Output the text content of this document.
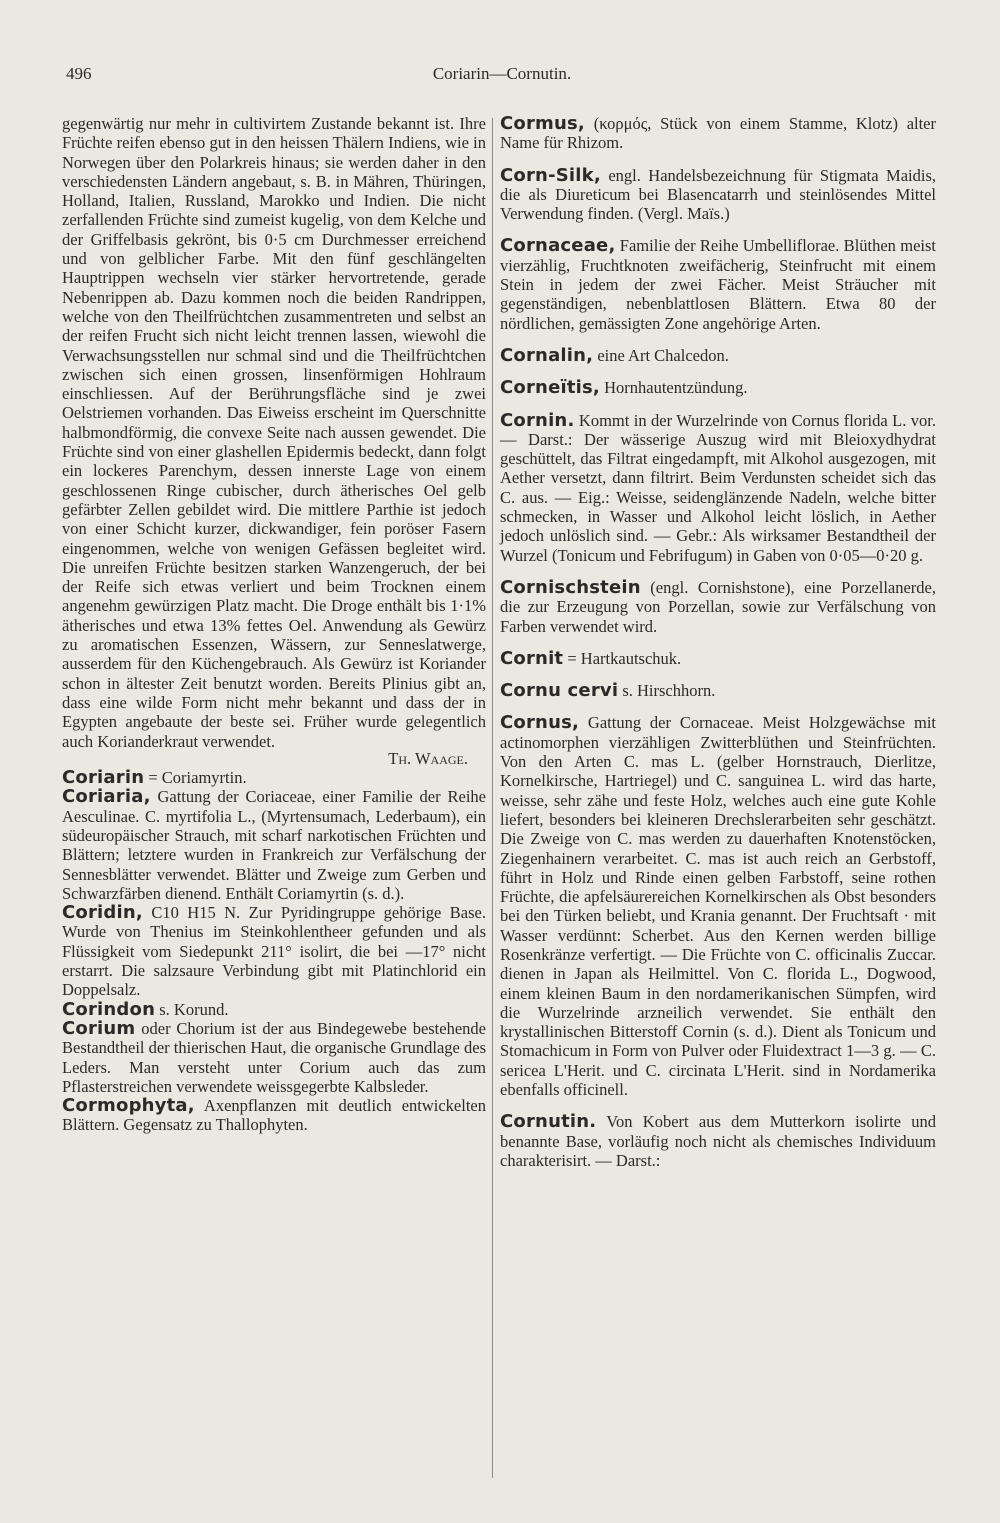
496	Coriarin—Cornutin.

gegenwärtig nur mehr in cultivirtem Zustande bekannt ist. Ihre Früchte reifen ebenso gut in den heissen Thälern Indiens, wie in Norwegen über den Polarkreis hinaus; sie werden daher in den verschiedensten Ländern angebaut, s. B. in Mähren, Thüringen, Holland, Italien, Russland, Marokko und Indien. Die nicht zerfallenden Früchte sind zumeist kugelig, von dem Kelche und der Griffelbasis gekrönt, bis 0·5 cm Durchmesser erreichend und von gelblicher Farbe. Mit den fünf geschlängelten Hauptrippen wechseln vier stärker hervortretende, gerade Nebenrippen ab. Dazu kommen noch die beiden Randrippen, welche von den Theilfrüchtchen zusammentreten und selbst an der reifen Frucht sich nicht leicht trennen lassen, wiewohl die Verwachsungsstellen nur schmal sind und die Theilfrüchtchen zwischen sich einen grossen, linsenförmigen Hohlraum einschliessen. Auf der Berührungsfläche sind je zwei Oelstriemen vorhanden. Das Eiweiss erscheint im Querschnitte halbmondförmig, die convexe Seite nach aussen gewendet. Die Früchte sind von einer glashellen Epidermis bedeckt, dann folgt ein lockeres Parenchym, dessen innerste Lage von einem geschlossenen Ringe cubischer, durch ätherisches Oel gelb gefärbter Zellen gebildet wird. Die mittlere Parthie ist jedoch von einer Schicht kurzer, dickwandiger, fein poröser Fasern eingenommen, welche von wenigen Gefässen begleitet wird. Die unreifen Früchte besitzen starken Wanzengeruch, der bei der Reife sich etwas verliert und beim Trocknen einem angenehm gewürzigen Platz macht. Die Droge enthält bis 1·1% ätherisches und etwa 13% fettes Oel. Anwendung als Gewürz zu aromatischen Essenzen, Wässern, zur Senneslatwerge, ausserdem für den Küchengebrauch. Als Gewürz ist Koriander schon in ältester Zeit benutzt worden. Bereits Plinius gibt an, dass eine wilde Form nicht mehr bekannt und dass der in Egypten angebaute der beste sei. Früher wurde gelegentlich auch Korianderkraut verwendet.

Th. Waage.

Coriarin = Coriamyrtin.

Coriaria, Gattung der Coriaceae, einer Familie der Reihe Aesculinae. C. myrtifolia L., (Myrtensumach, Lederbaum), ein südeuropäischer Strauch, mit scharf narkotischen Früchten und Blättern; letztere wurden in Frankreich zur Verfälschung der Sennesblätter verwendet. Blätter und Zweige zum Gerben und Schwarzfärben dienend. Enthält Coriamyrtin (s. d.).

Coridin, C10 H15 N. Zur Pyridingruppe gehörige Base. Wurde von Thenius im Steinkohlentheer gefunden und als Flüssigkeit vom Siedepunkt 211° isolirt, die bei —17° nicht erstarrt. Die salzsaure Verbindung gibt mit Platinchlorid ein Doppelsalz.

Corindon s. Korund.

Corium oder Chorium ist der aus Bindegewebe bestehende Bestandtheil der thierischen Haut, die organische Grundlage des Leders. Man versteht unter Corium auch das zum Pflasterstreichen verwendete weissgegerbte Kalbsleder.

Cormophyta, Axenpflanzen mit deutlich entwickelten Blättern. Gegensatz zu Thallophyten.

Cormus, (κορμός, Stück von einem Stamme, Klotz) alter Name für Rhizom.

Corn-Silk, engl. Handelsbezeichnung für Stigmata Maidis, die als Diureticum bei Blasencatarrh und steinlösendes Mittel Verwendung finden. (Vergl. Maïs.)

Cornaceae, Familie der Reihe Umbelliflorae. Blüthen meist vierzählig, Fruchtknoten zweifächerig, Steinfrucht mit einem Stein in jedem der zwei Fächer. Meist Sträucher mit gegenständigen, nebenblattlosen Blättern. Etwa 80 der nördlichen, gemässigten Zone angehörige Arten.

Cornalin, eine Art Chalcedon.

Corneïtis, Hornhautentzündung.

Cornin. Kommt in der Wurzelrinde von Cornus florida L. vor. — Darst.: Der wässerige Auszug wird mit Bleioxydhydrat geschüttelt, das Filtrat eingedampft, mit Alkohol ausgezogen, mit Aether versetzt, dann filtrirt. Beim Verdunsten scheidet sich das C. aus. — Eig.: Weisse, seidenglänzende Nadeln, welche bitter schmecken, in Wasser und Alkohol leicht löslich, in Aether jedoch unlöslich sind. — Gebr.: Als wirksamer Bestandtheil der Wurzel (Tonicum und Febrifugum) in Gaben von 0·05—0·20 g.

Cornischstein (engl. Cornishstone), eine Porzellanerde, die zur Erzeugung von Porzellan, sowie zur Verfälschung von Farben verwendet wird.

Cornit = Hartkautschuk.

Cornu cervi s. Hirschhorn.

Cornus, Gattung der Cornaceae. Meist Holzgewächse mit actinomorphen vierzähligen Zwitterblüthen und Steinfrüchten. Von den Arten C. mas L. (gelber Hornstrauch, Dierlitze, Kornelkirsche, Hartriegel) und C. sanguinea L. wird das harte, weisse, sehr zähe und feste Holz, welches auch eine gute Kohle liefert, besonders bei kleineren Drechslerarbeiten sehr geschätzt. Die Zweige von C. mas werden zu dauerhaften Knotenstöcken, Ziegenhainern verarbeitet. C. mas ist auch reich an Gerbstoff, führt in Holz und Rinde einen gelben Farbstoff, seine rothen Früchte, die apfelsäurereichen Kornelkirschen als Obst besonders bei den Türken beliebt, und Krania genannt. Der Fruchtsaft · mit Wasser verdünnt: Scherbet. Aus den Kernen werden billige Rosenkränze verfertigt. — Die Früchte von C. officinalis Zuccar. dienen in Japan als Heilmittel. Von C. florida L., Dogwood, einem kleinen Baum in den nordamerikanischen Sümpfen, wird die Wurzelrinde arzneilich verwendet. Sie enthält den krystallinischen Bitterstoff Cornin (s. d.). Dient als Tonicum und Stomachicum in Form von Pulver oder Fluidextract 1—3 g. — C. sericea L'Herit. und C. circinata L'Herit. sind in Nordamerika ebenfalls officinell.

Cornutin. Von Kobert aus dem Mutterkorn isolirte und benannte Base, vorläufig noch nicht als chemisches Individuum charakterisirt. — Darst.:
